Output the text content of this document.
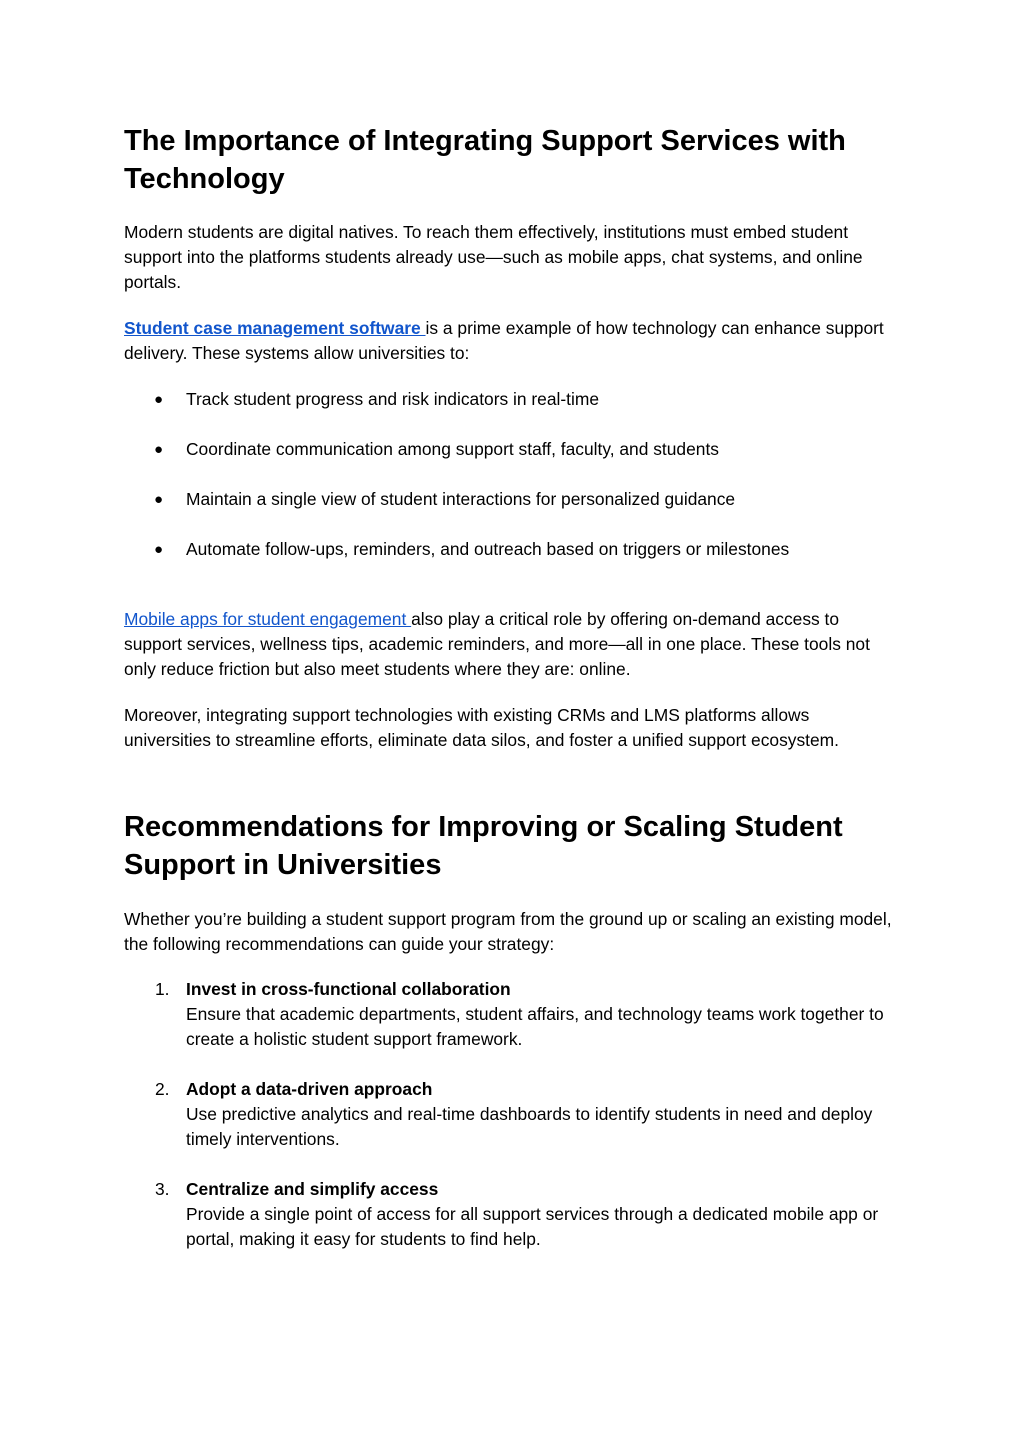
The Importance of Integrating Support Services with Technology

Modern students are digital natives. To reach them effectively, institutions must embed student support into the platforms students already use—such as mobile apps, chat systems, and online portals.

Student case management software is a prime example of how technology can enhance support delivery. These systems allow universities to:

● Track student progress and risk indicators in real-time
● Coordinate communication among support staff, faculty, and students
● Maintain a single view of student interactions for personalized guidance
● Automate follow-ups, reminders, and outreach based on triggers or milestones

Mobile apps for student engagement also play a critical role by offering on-demand access to support services, wellness tips, academic reminders, and more—all in one place. These tools not only reduce friction but also meet students where they are: online.

Moreover, integrating support technologies with existing CRMs and LMS platforms allows universities to streamline efforts, eliminate data silos, and foster a unified support ecosystem.

Recommendations for Improving or Scaling Student Support in Universities

Whether you’re building a student support program from the ground up or scaling an existing model, the following recommendations can guide your strategy:

1. Invest in cross-functional collaboration
Ensure that academic departments, student affairs, and technology teams work together to create a holistic student support framework.
2. Adopt a data-driven approach
Use predictive analytics and real-time dashboards to identify students in need and deploy timely interventions.
3. Centralize and simplify access
Provide a single point of access for all support services through a dedicated mobile app or portal, making it easy for students to find help.
